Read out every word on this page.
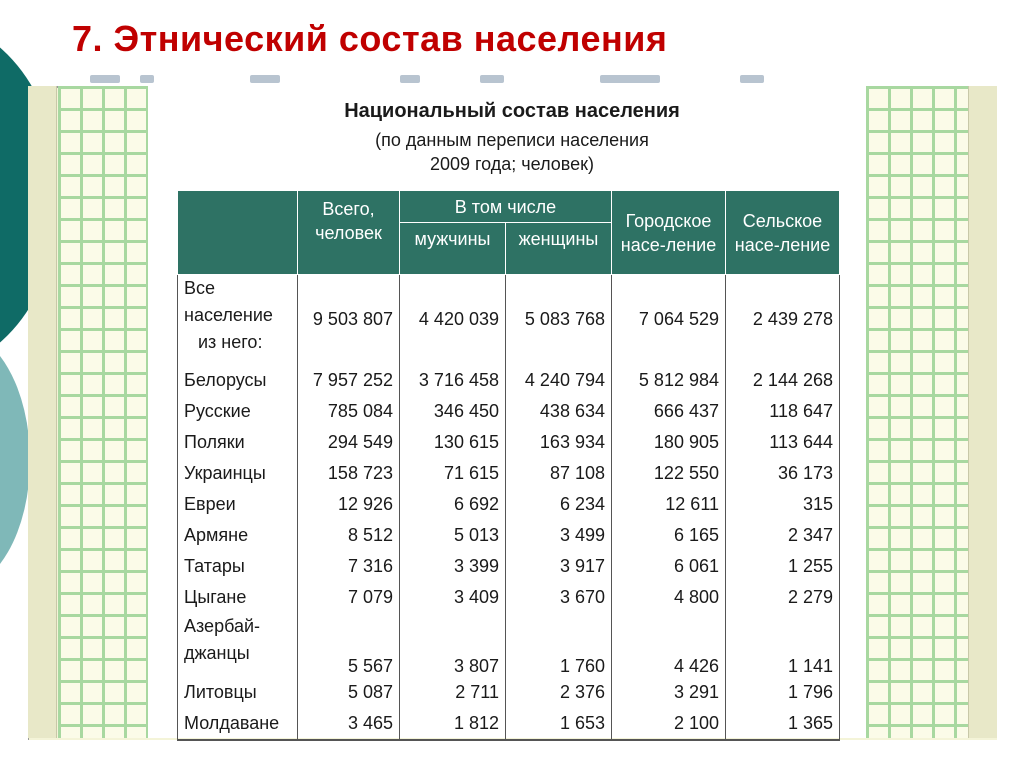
7. Этнический состав населения
Национальный состав населения
(по данным переписи населения
2009 года; человек)
	Всего, человек	В том числе		Городское насе-ление	Сельское насе-ление
		мужчины	женщины		

Все
население
из него:	9 503 807	4 420 039	5 083 768	7 064 529	2 439 278
Белорусы	7 957 252	3 716 458	4 240 794	5 812 984	2 144 268
Русские	785 084	346 450	438 634	666 437	118 647
Поляки	294 549	130 615	163 934	180 905	113 644
Украинцы	158 723	71 615	87 108	122 550	36 173
Евреи	12 926	6 692	6 234	12 611	315
Армяне	8 512	5 013	3 499	6 165	2 347
Татары	7 316	3 399	3 917	6 061	1 255
Цыгане	7 079	3 409	3 670	4 800	2 279

Азербай-
джанцы	5 567	3 807	1 760	4 426	1 141
Литовцы	5 087	2 711	2 376	3 291	1 796
Молдаване	3 465	1 812	1 653	2 100	1 365
